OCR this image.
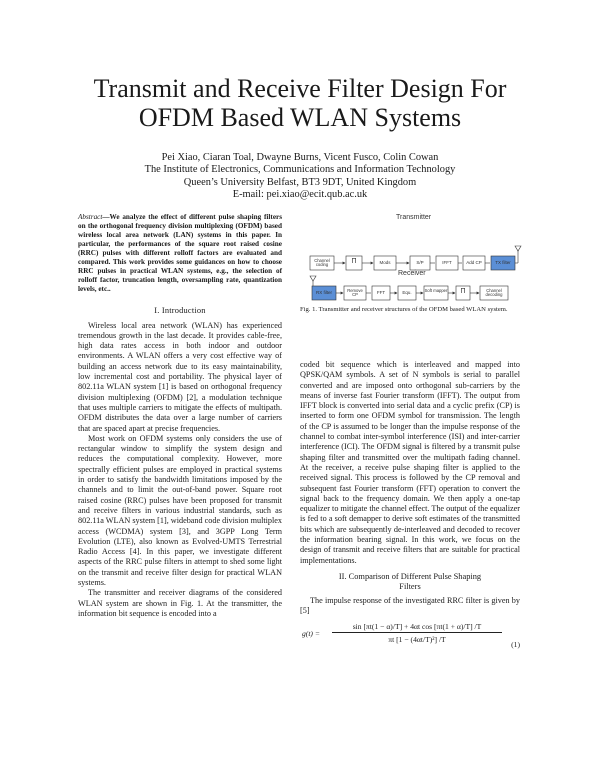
Transmit and Receive Filter Design For
OFDM Based WLAN Systems
Pei Xiao, Ciaran Toal, Dwayne Burns, Vicent Fusco, Colin Cowan
The Institute of Electronics, Communications and Information Technology
Queen’s University Belfast, BT3 9DT, United Kingdom
E-mail: pei.xiao@ecit.qub.ac.uk

Abstract—We analyze the effect of different pulse shaping filters on the orthogonal frequency division multiplexing (OFDM) based wireless local area network (LAN) systems in this paper. In particular, the performances of the square root raised cosine (RRC) pulses with different rolloff factors are evaluated and compared. This work provides some guidances on how to choose RRC pulses in practical WLAN systems, e.g., the selection of rolloff factor, truncation length, oversampling rate, quantization levels, etc..

I. Introduction

Wireless local area network (WLAN) has experienced tremendous growth in the last decade. It provides cable-free, high data rates access in both indoor and outdoor environments. A WLAN offers a very cost effective way of building an access network due to its easy maintainability, low incremental cost and portability. The physical layer of 802.11a WLAN system [1] is based on orthogonal frequency division multiplexing (OFDM) [2], a modulation technique that uses multiple carriers to mitigate the effects of multipath. OFDM distributes the data over a large number of carriers that are spaced apart at precise frequencies.

Most work on OFDM systems only considers the use of rectangular window to simplify the system design and reduces the computational complexity. However, more spectrally efficient pulses are employed in practical systems in order to satisfy the bandwidth limitations imposed by the channels and to limit the out-of-band power. Square root raised cosine (RRC) pulses have been proposed for transmit and receive filters in various industrial standards, such as 802.11a WLAN system [1], wideband code division multiplex access (WCDMA) system [3], and 3GPP Long Term Evolution (LTE), also known as Evolved-UMTS Terrestrial Radio Access [4]. In this paper, we investigate different aspects of the RRC pulse filters in attempt to shed some light on the transmit and receive filter design for practical WLAN systems.

The transmitter and receiver diagrams of the considered WLAN system are shown in Fig. 1. At the transmitter, the information bit sequence is encoded into a

Transmitter
Receiver
Channel coding	Π	Mods	S/P	IFFT	Add CP	TX filter
RX filter	Remove CP	FFT	Equ.	Soft mapper	Π	Channel decoding
Fig. 1. Transmitter and receiver structures of the OFDM based WLAN system.

coded bit sequence which is interleaved and mapped into QPSK/QAM symbols. A set of N symbols is serial to parallel converted and are imposed onto orthogonal sub-carriers by the means of inverse fast Fourier transform (IFFT). The output from IFFT block is converted into serial data and a cyclic prefix (CP) is inserted to form one OFDM symbol for transmission. The length of the CP is assumed to be longer than the impulse response of the channel to combat inter-symbol interference (ISI) and inter-carrier interference (ICI). The OFDM signal is filtered by a transmit pulse shaping filter and transmitted over the multipath fading channel. At the receiver, a receive pulse shaping filter is applied to the received signal. This process is followed by the CP removal and subsequent fast Fourier transform (FFT) operation to convert the signal back to the frequency domain. We then apply a one-tap equalizer to mitigate the channel effect. The output of the equalizer is fed to a soft demapper to derive soft estimates of the transmitted bits which are subsequently de-interleaved and decoded to recover the information bearing signal. In this work, we focus on the design of transmit and receive filters that are suitable for practical implementations.

II. Comparison of Different Pulse Shaping
Filters

The impulse response of the investigated RRC filter is given by [5]

g(t) =
sin [πt(1 − α)/T] + 4αt cos [πt(1 + α)/T] /T
πt [1 − (4αt/T)²] /T
(1)
